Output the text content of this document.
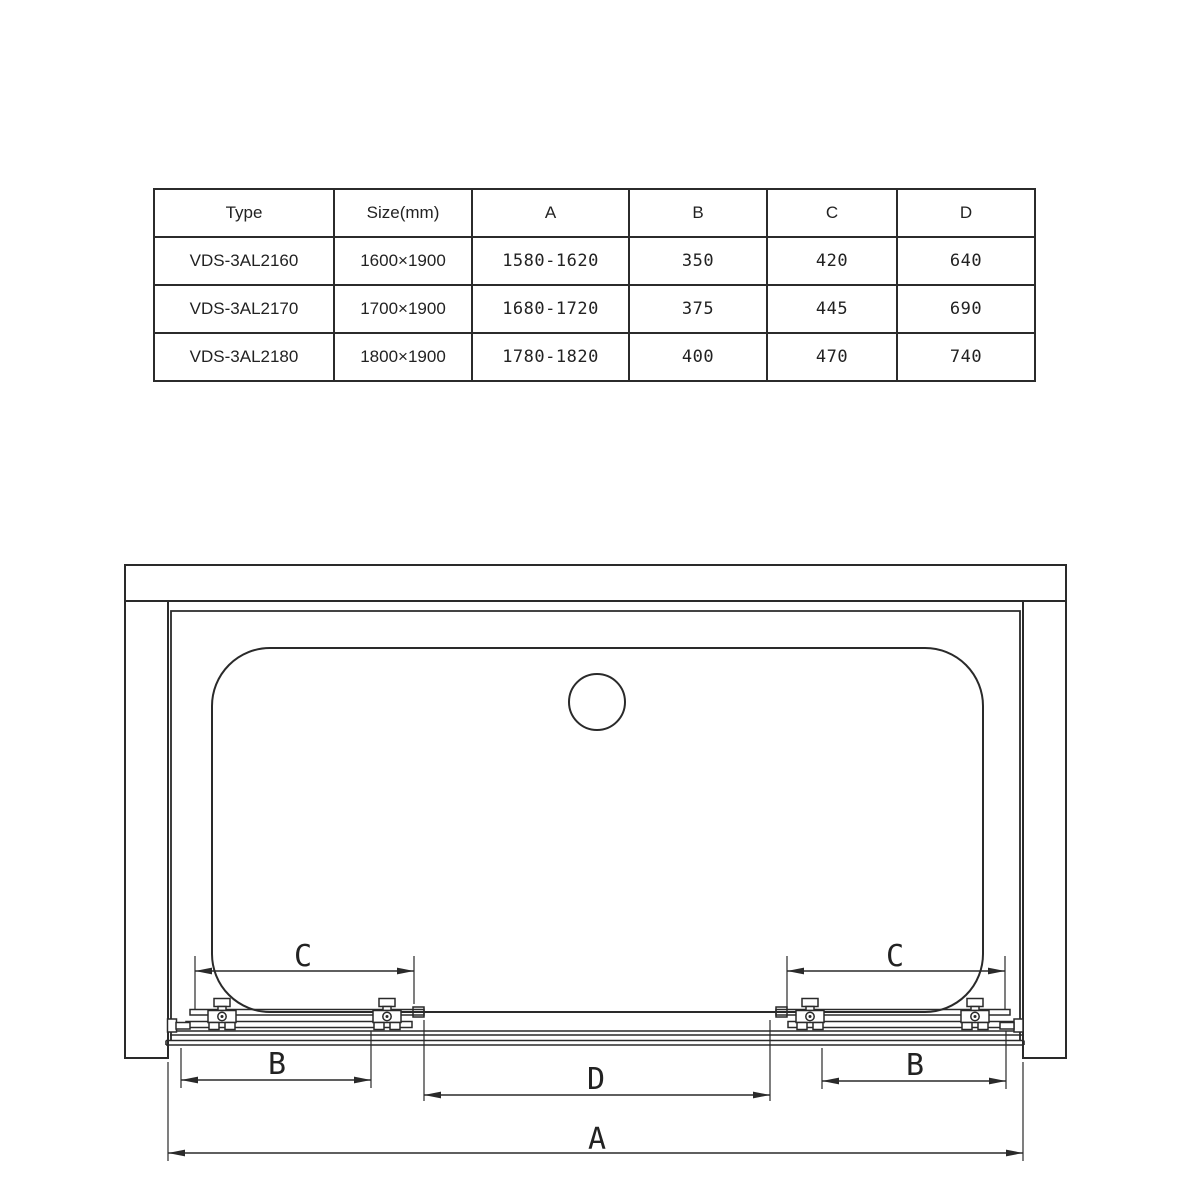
Type	Size(mm)	A	B	C	D
VDS-3AL2160	1600×1900	1580-1620	350	420	640
VDS-3AL2170	1700×1900	1680-1720	375	445	690
VDS-3AL2180	1800×1900	1780-1820	400	470	740
C	C
B	B
D
A
